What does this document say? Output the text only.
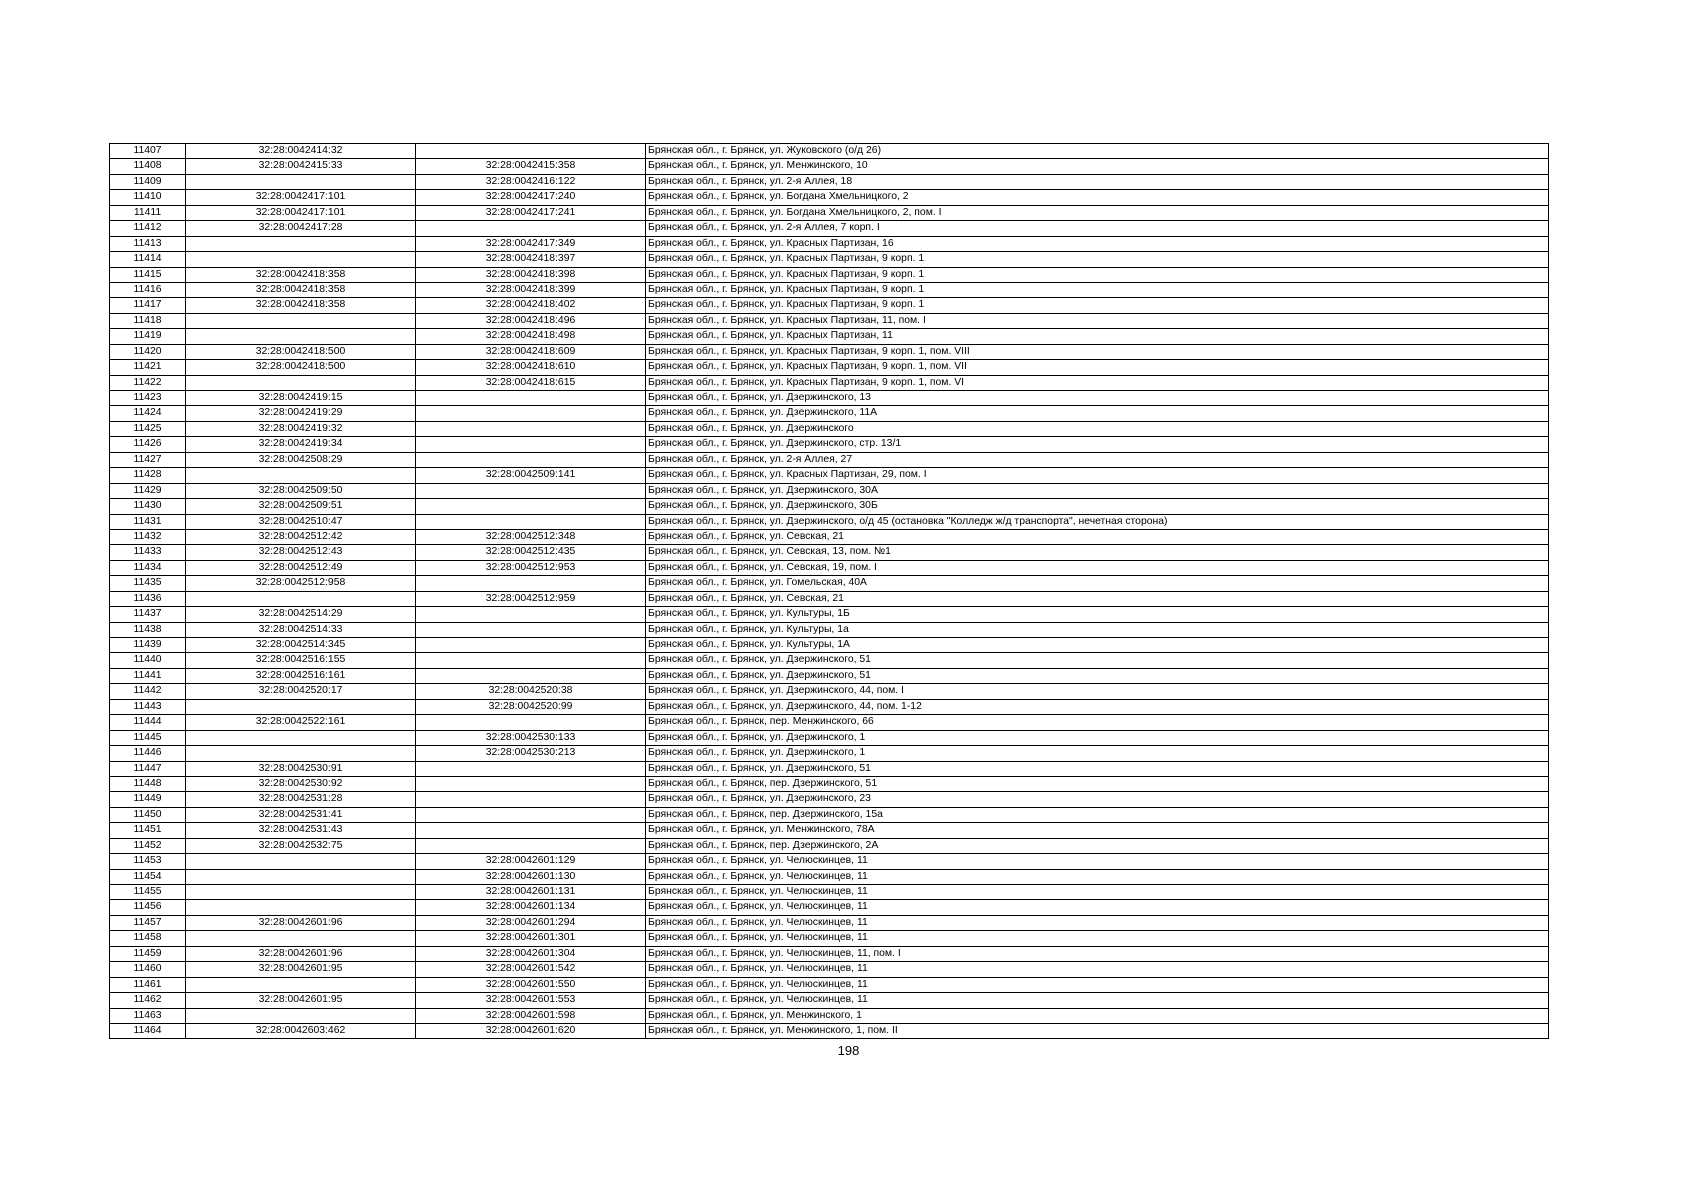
11407	32:28:0042414:32		Брянская обл., г. Брянск, ул. Жуковского (о/д 26)
11408	32:28:0042415:33	32:28:0042415:358	Брянская обл., г. Брянск, ул. Менжинского, 10
11409		32:28:0042416:122	Брянская обл., г. Брянск, ул. 2-я Аллея, 18
11410	32:28:0042417:101	32:28:0042417:240	Брянская обл., г. Брянск, ул. Богдана Хмельницкого, 2
11411	32:28:0042417:101	32:28:0042417:241	Брянская обл., г. Брянск, ул. Богдана Хмельницкого, 2, пом. I
11412	32:28:0042417:28		Брянская обл., г. Брянск, ул. 2-я Аллея, 7 корп. I
11413		32:28:0042417:349	Брянская обл., г. Брянск, ул. Красных Партизан, 16
11414		32:28:0042418:397	Брянская обл., г. Брянск, ул. Красных Партизан, 9 корп. 1
11415	32:28:0042418:358	32:28:0042418:398	Брянская обл., г. Брянск, ул. Красных Партизан, 9 корп. 1
11416	32:28:0042418:358	32:28:0042418:399	Брянская обл., г. Брянск, ул. Красных Партизан, 9 корп. 1
11417	32:28:0042418:358	32:28:0042418:402	Брянская обл., г. Брянск, ул. Красных Партизан, 9 корп. 1
11418		32:28:0042418:496	Брянская обл., г. Брянск, ул. Красных Партизан, 11, пом. I
11419		32:28:0042418:498	Брянская обл., г. Брянск, ул. Красных Партизан, 11
11420	32:28:0042418:500	32:28:0042418:609	Брянская обл., г. Брянск, ул. Красных Партизан, 9 корп. 1, пом. VIII
11421	32:28:0042418:500	32:28:0042418:610	Брянская обл., г. Брянск, ул. Красных Партизан, 9 корп. 1, пом. VII
11422		32:28:0042418:615	Брянская обл., г. Брянск, ул. Красных Партизан, 9 корп. 1, пом. VI
11423	32:28:0042419:15		Брянская обл., г. Брянск, ул. Дзержинского, 13
11424	32:28:0042419:29		Брянская обл., г. Брянск, ул. Дзержинского, 11А
11425	32:28:0042419:32		Брянская обл., г. Брянск, ул. Дзержинского
11426	32:28:0042419:34		Брянская обл., г. Брянск, ул. Дзержинского, стр. 13/1
11427	32:28:0042508:29		Брянская обл., г. Брянск, ул. 2-я Аллея, 27
11428		32:28:0042509:141	Брянская обл., г. Брянск, ул. Красных Партизан, 29, пом. I
11429	32:28:0042509:50		Брянская обл., г. Брянск, ул. Дзержинского, 30А
11430	32:28:0042509:51		Брянская обл., г. Брянск, ул. Дзержинского, 30Б
11431	32:28:0042510:47		Брянская обл., г. Брянск, ул. Дзержинского, о/д 45 (остановка "Колледж ж/д транспорта", нечетная сторона)
11432	32:28:0042512:42	32:28:0042512:348	Брянская обл., г. Брянск, ул. Севская, 21
11433	32:28:0042512:43	32:28:0042512:435	Брянская обл., г. Брянск, ул. Севская, 13, пом. №1
11434	32:28:0042512:49	32:28:0042512:953	Брянская обл., г. Брянск, ул. Севская, 19, пом. I
11435	32:28:0042512:958		Брянская обл., г. Брянск, ул. Гомельская, 40А
11436		32:28:0042512:959	Брянская обл., г. Брянск, ул. Севская, 21
11437	32:28:0042514:29		Брянская обл., г. Брянск, ул. Культуры, 1Б
11438	32:28:0042514:33		Брянская обл., г. Брянск, ул. Культуры, 1а
11439	32:28:0042514:345		Брянская обл., г. Брянск, ул. Культуры, 1А
11440	32:28:0042516:155		Брянская обл., г. Брянск, ул. Дзержинского, 51
11441	32:28:0042516:161		Брянская обл., г. Брянск, ул. Дзержинского, 51
11442	32:28:0042520:17	32:28:0042520:38	Брянская обл., г. Брянск, ул. Дзержинского, 44, пом. I
11443		32:28:0042520:99	Брянская обл., г. Брянск, ул. Дзержинского, 44, пом. 1-12
11444	32:28:0042522:161		Брянская обл., г. Брянск, пер. Менжинского, 66
11445		32:28:0042530:133	Брянская обл., г. Брянск, ул. Дзержинского, 1
11446		32:28:0042530:213	Брянская обл., г. Брянск, ул. Дзержинского, 1
11447	32:28:0042530:91		Брянская обл., г. Брянск, ул. Дзержинского, 51
11448	32:28:0042530:92		Брянская обл., г. Брянск, пер. Дзержинского, 51
11449	32:28:0042531:28		Брянская обл., г. Брянск, ул. Дзержинского, 23
11450	32:28:0042531:41		Брянская обл., г. Брянск, пер. Дзержинского, 15а
11451	32:28:0042531:43		Брянская обл., г. Брянск, ул. Менжинского, 78А
11452	32:28:0042532:75		Брянская обл., г. Брянск, пер. Дзержинского, 2А
11453		32:28:0042601:129	Брянская обл., г. Брянск, ул. Челюскинцев, 11
11454		32:28:0042601:130	Брянская обл., г. Брянск, ул. Челюскинцев, 11
11455		32:28:0042601:131	Брянская обл., г. Брянск, ул. Челюскинцев, 11
11456		32:28:0042601:134	Брянская обл., г. Брянск, ул. Челюскинцев, 11
11457	32:28:0042601:96	32:28:0042601:294	Брянская обл., г. Брянск, ул. Челюскинцев, 11
11458		32:28:0042601:301	Брянская обл., г. Брянск, ул. Челюскинцев, 11
11459	32:28:0042601:96	32:28:0042601:304	Брянская обл., г. Брянск, ул. Челюскинцев, 11, пом. I
11460	32:28:0042601:95	32:28:0042601:542	Брянская обл., г. Брянск, ул. Челюскинцев, 11
11461		32:28:0042601:550	Брянская обл., г. Брянск, ул. Челюскинцев, 11
11462	32:28:0042601:95	32:28:0042601:553	Брянская обл., г. Брянск, ул. Челюскинцев, 11
11463		32:28:0042601:598	Брянская обл., г. Брянск, ул. Менжинского, 1
11464	32:28:0042603:462	32:28:0042601:620	Брянская обл., г. Брянск, ул. Менжинского, 1, пом. II
198
